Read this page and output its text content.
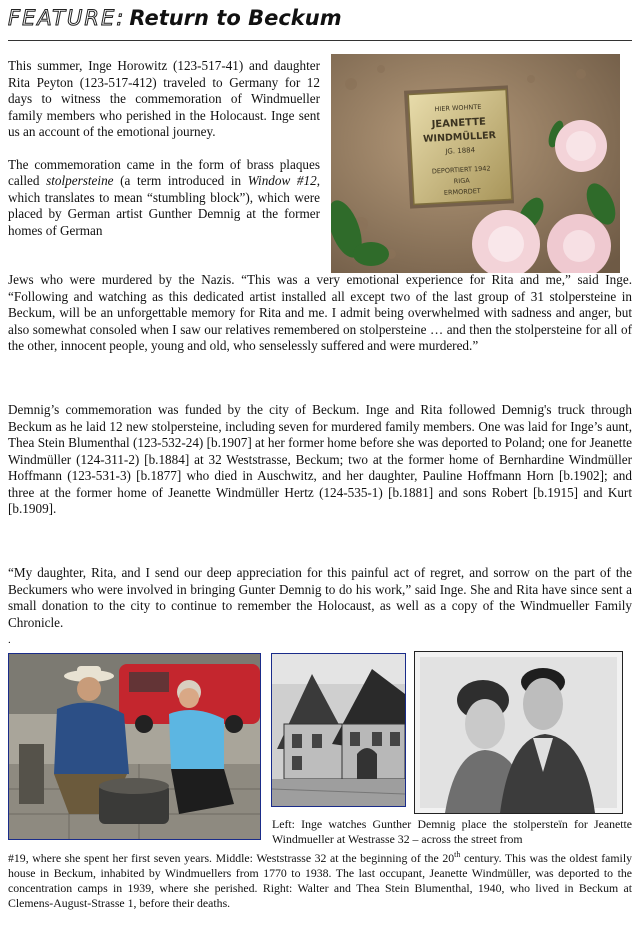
FEATURE: Return to Beckum
This summer, Inge Horowitz (123-517-41) and daughter Rita Peyton (123-517-412) traveled to Germany for 12 days to witness the commemoration of Windmueller family members who perished in the Holocaust. Inge sent us an account of the emotional journey.
The commemoration came in the form of brass plaques called stolpersteine (a term introduced in Window #12, which translates to mean “stumbling block”), which were placed by German artist Gunther Demnig at the former homes of German
HIER WOHNTE
JEANETTE
WINDMÜLLER
JG. 1884
DEPORTIERT 1942
RIGA
ERMORDET
Jews who were murdered by the Nazis. “This was a very emotional experience for Rita and me,” said Inge. “Following and watching as this dedicated artist installed all except two of the last group of 31 stolpersteine in Beckum, will be an unforgettable memory for Rita and me. I admit being overwhelmed with sadness and anger, but also somewhat consoled when I saw our relatives remembered on stolpersteine … and then the stolpersteine for all of the other, innocent people, young and old, who senselessly suffered and were murdered.”
Demnig’s commemoration was funded by the city of Beckum. Inge and Rita followed Demnig's truck through Beckum as he laid 12 new stolpersteine, including seven for murdered family members. One was laid for Inge’s aunt, Thea Stein Blumenthal (123-532-24) [b.1907] at her former home before she was deported to Poland; one for Jeanette Windmüller (124-311-2) [b.1884] at 32 Weststrasse, Beckum; two at the former home of Bernhardine Windmüller Hoffmann (123-531-3) [b.1877] who died in Auschwitz, and her daughter, Pauline Hoffmann Horn [b.1902]; and three at the former home of Jeanette Windmüller Hertz (124-535-1) [b.1881] and sons Robert [b.1915] and Kurt [b.1909].
“My daughter, Rita, and I send our deep appreciation for this painful act of regret, and sorrow on the part of the Beckumers who were involved in bringing Gunter Demnig to do his work,” said Inge. She and Rita have since sent a small donation to the city to continue to remember the Holocaust, as well as a copy of the Windmueller Family Chronicle.
.
Left: Inge watches Gunther Demnig place the stolpersteïn for Jeanette Windmueller at Westrasse 32 – across the street from
#19, where she spent her first seven years. Middle: Weststrasse 32 at the beginning of the 20th century. This was the oldest family house in Beckum, inhabited by Windmuellers from 1770 to 1938. The last occupant, Jeanette Windmüller, was deported to the concentration camps in 1939, where she perished. Right: Walter and Thea Stein Blumenthal, 1940, who lived in Beckum at Clemens-August-Strasse 1, before their deaths.
